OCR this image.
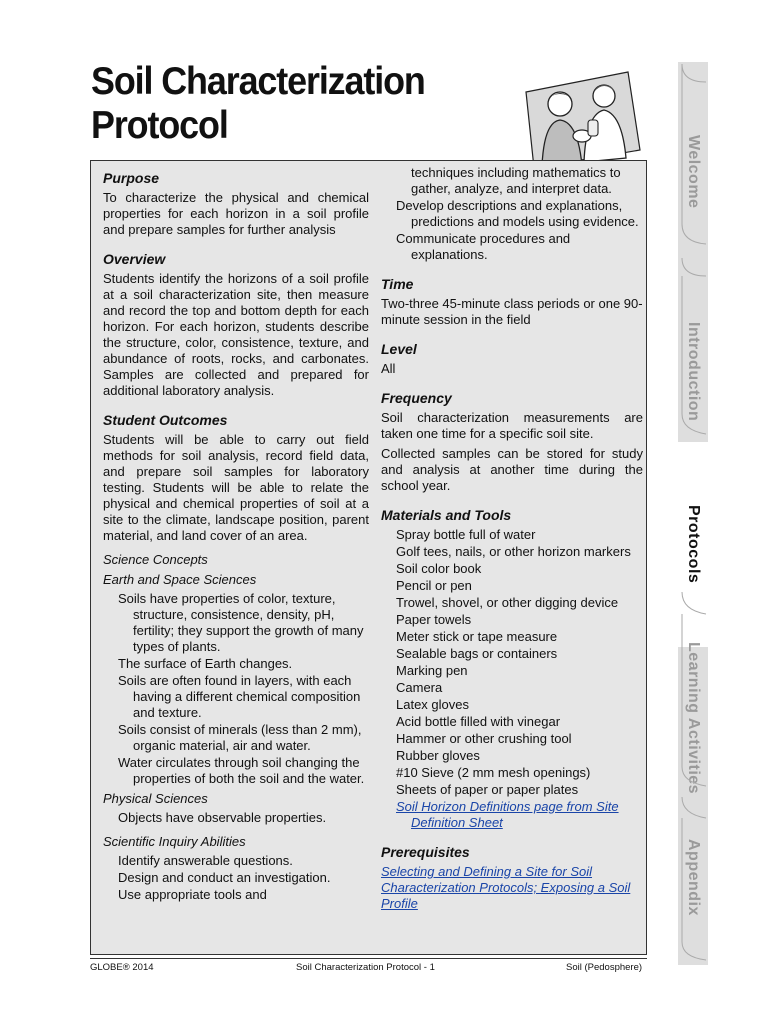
Soil Characterization Protocol
Purpose

To characterize the physical and chemical properties for each horizon in a soil profile and prepare samples for further analysis

Overview

Students identify the horizons of a soil profile at a soil characterization site, then measure and record the top and bottom depth for each horizon. For each horizon, students describe the structure, color, consistence, texture, and abundance of roots, rocks, and carbonates. Samples are collected and prepared for additional laboratory analysis.

Student Outcomes

Students will be able to carry out field methods for soil analysis, record field data, and prepare soil samples for laboratory testing. Students will be able to relate the physical and chemical properties of soil at a site to the climate, landscape position, parent material, and land cover of an area.

Science Concepts
Earth and Space Sciences
Soils have properties of color, texture, structure, consistence, density, pH, fertility; they support the growth of many types of plants.
The surface of Earth changes.
Soils are often found in layers, with each having a different chemical composition and texture.
Soils consist of minerals (less than 2 mm), organic material, air and water.
Water circulates through soil changing the properties of both the soil and the water.
Physical Sciences
Objects have observable properties.
Scientific Inquiry Abilities
Identify answerable questions.
Design and conduct an investigation.
Use appropriate tools and
techniques including mathematics to gather, analyze, and interpret data.
Develop descriptions and explanations, predictions and models using evidence.
Communicate procedures and explanations.
Time

Two-three 45-minute class periods or one 90-minute session in the field

Level

All

Frequency

Soil characterization measurements are taken one time for a specific soil site.

Collected samples can be stored for study and analysis at another time during the school year.

Materials and Tools
Spray bottle full of water
Golf tees, nails, or other horizon markers
Soil color book
Pencil or pen
Trowel, shovel, or other digging device
Paper towels
Meter stick or tape measure
Sealable bags or containers
Marking pen
Camera
Latex gloves
Acid bottle filled with vinegar
Hammer or other crushing tool
Rubber gloves
#10 Sieve (2 mm mesh openings)
Sheets of paper or paper plates
Soil Horizon Definitions page from Site Definition Sheet
Prerequisites

Selecting and Defining a Site for Soil Characterization Protocols; Exposing a Soil Profile

Welcome
Introduction
Protocols
Learning Activities
Appendix
GLOBE® 2014	Soil Characterization Protocol - 1	Soil (Pedosphere)
